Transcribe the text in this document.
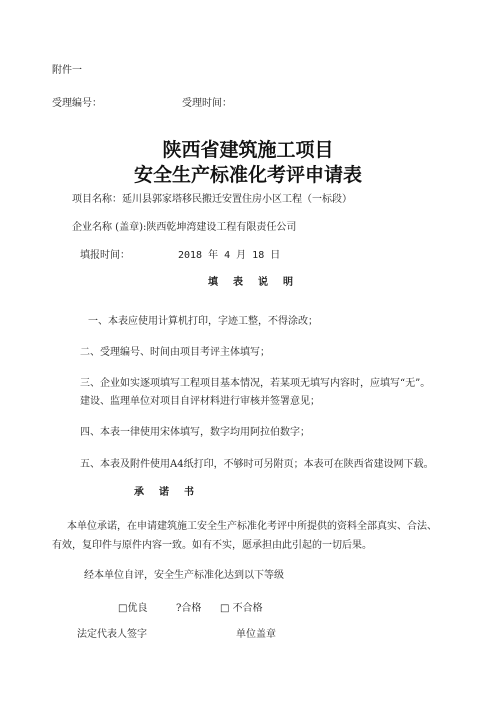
附件一
受理编号：	受理时间：
陕西省建筑施工项目
安全生产标准化考评申请表
项目名称：延川县郭家塔移民搬迁安置住房小区工程（一标段）
企业名称 (盖章):陕西乾坤湾建设工程有限责任公司
填报时间：	2018 年 4 月 18 日
填表说明
一、本表应使用计算机打印，字迹工整，不得涂改；
二、受理编号、时间由项目考评主体填写；
三、企业如实逐项填写工程项目基本情况，若某项无填写内容时，应填写“无”。
建设、监理单位对项目自评材料进行审核并签署意见；
四、本表一律使用宋体填写，数字均用阿拉伯数字；
五、本表及附件使用A4纸打印，不够时可另附页；本表可在陕西省建设网下载。
承诺书
本单位承诺，在申请建筑施工安全生产标准化考评中所提供的资料全部真实、合法、
有效，复印件与原件内容一致。如有不实，愿承担由此引起的一切后果。
经本单位自评，安全生产标准化达到以下等级
□优良	?合格 □ 不合格
法定代表人签字	单位盖章
